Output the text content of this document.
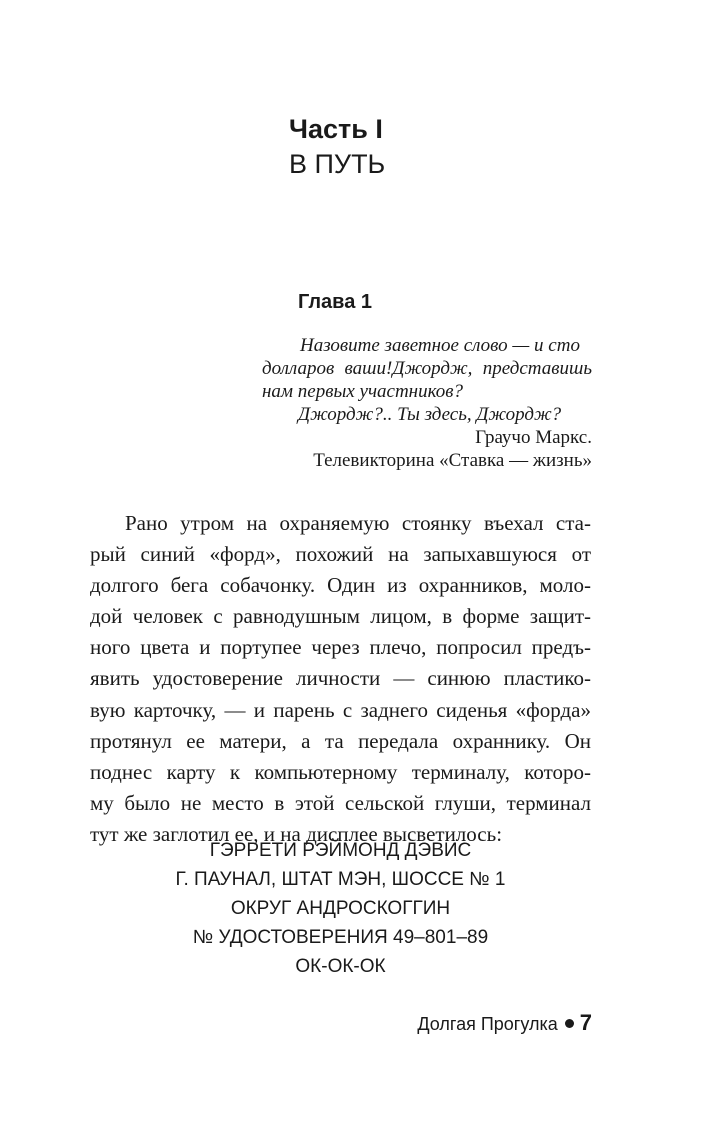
Часть I
В ПУТЬ
Глава 1
Назовите заветное слово — и сто
долларов ваши!Джордж, представишь
нам первых участников?
Джордж?.. Ты здесь, Джордж?
Граучо Маркс.
Телевикторина «Ставка — жизнь»
Рано утром на охраняемую стоянку въехал ста-
рый синий «форд», похожий на запыхавшуюся от
долгого бега собачонку. Один из охранников, моло-
дой человек с равнодушным лицом, в форме защит-
ного цвета и портупее через плечо, попросил предъ-
явить удостоверение личности — синюю пластико-
вую карточку, — и парень с заднего сиденья «форда»
протянул ее матери, а та передала охраннику. Он
поднес карту к компьютерному терминалу, которо-
му было не место в этой сельской глуши, терминал
тут же заглотил ее, и на дисплее высветилось:
ГЭРРЕТИ РЭЙМОНД ДЭВИС
Г. ПАУНАЛ, ШТАТ МЭН, ШОССЕ № 1
ОКРУГ АНДРОСКОГГИН
№ УДОСТОВЕРЕНИЯ 49–801–89
ОК-ОК-ОК
Долгая Прогулка 7
